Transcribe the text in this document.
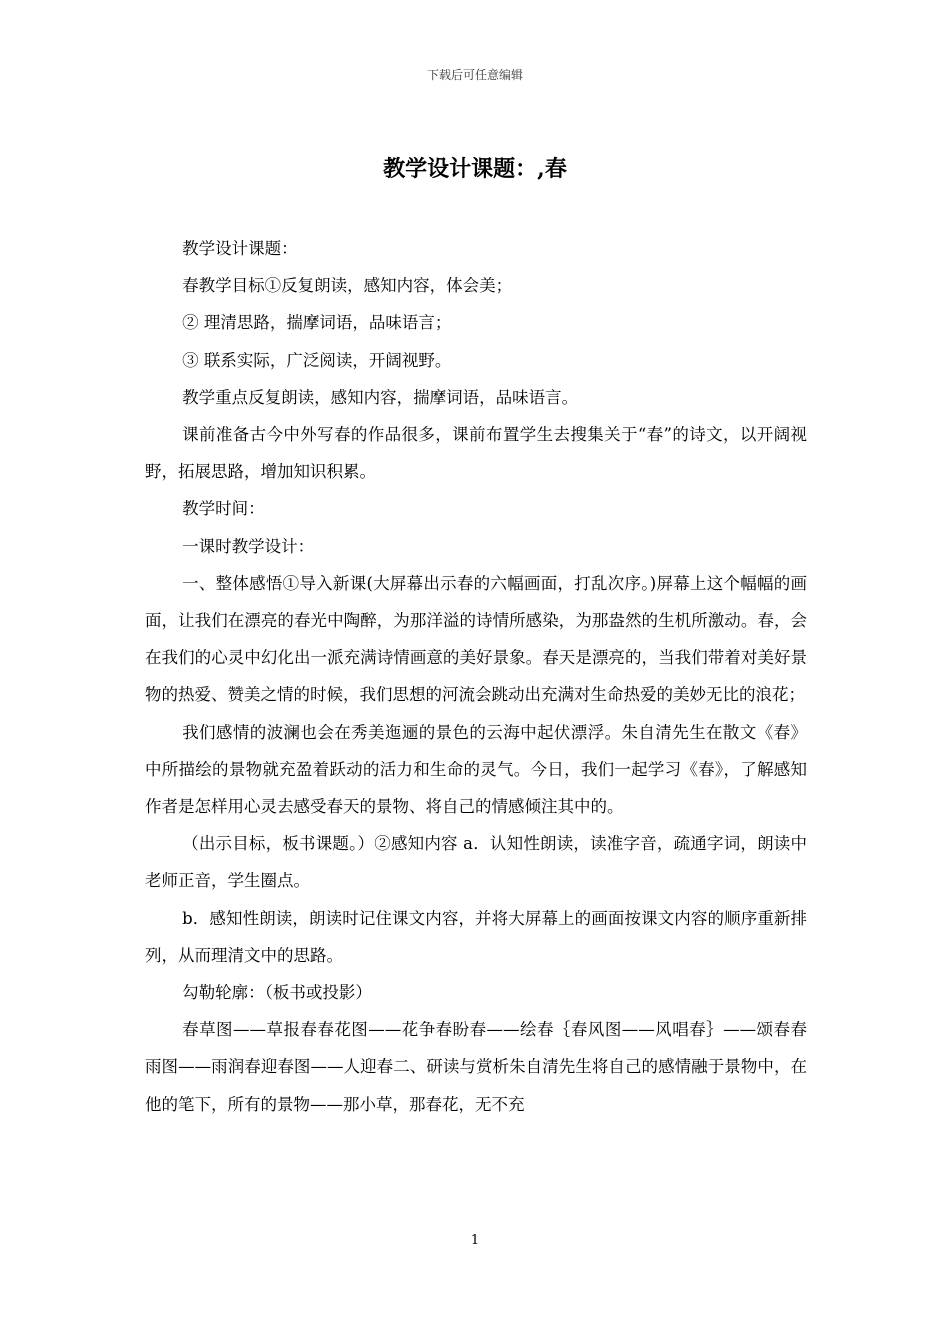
下载后可任意编辑
教学设计课题：,春

教学设计课题：

春教学目标①反复朗读，感知内容，体会美；

② 理清思路，揣摩词语，品味语言；

③ 联系实际，广泛阅读，开阔视野。

教学重点反复朗读，感知内容，揣摩词语，品味语言。

课前准备古今中外写春的作品很多，课前布置学生去搜集关于“春”的诗文，以开阔视野，拓展思路，增加知识积累。

教学时间：

一课时教学设计：

一、整体感悟①导入新课(大屏幕出示春的六幅画面，打乱次序。)屏幕上这个幅幅的画面，让我们在漂亮的春光中陶醉，为那洋溢的诗情所感染，为那盎然的生机所激动。春，会在我们的心灵中幻化出一派充满诗情画意的美好景象。春天是漂亮的，当我们带着对美好景物的热爱、赞美之情的时候，我们思想的河流会跳动出充满对生命热爱的美妙无比的浪花；

我们感情的波澜也会在秀美迤逦的景色的云海中起伏漂浮。朱自清先生在散文《春》中所描绘的景物就充盈着跃动的活力和生命的灵气。今日，我们一起学习《春》，了解感知作者是怎样用心灵去感受春天的景物、将自己的情感倾注其中的。

（出示目标，板书课题。）②感知内容 a．认知性朗读，读准字音，疏通字词，朗读中老师正音，学生圈点。

b．感知性朗读，朗读时记住课文内容，并将大屏幕上的画面按课文内容的顺序重新排列，从而理清文中的思路。

勾勒轮廓：（板书或投影）

春草图——草报春春花图——花争春盼春——绘春｛春风图——风唱春｝——颂春春雨图——雨润春迎春图——人迎春二、研读与赏析朱自清先生将自己的感情融于景物中，在他的笔下，所有的景物——那小草，那春花，无不充

1
